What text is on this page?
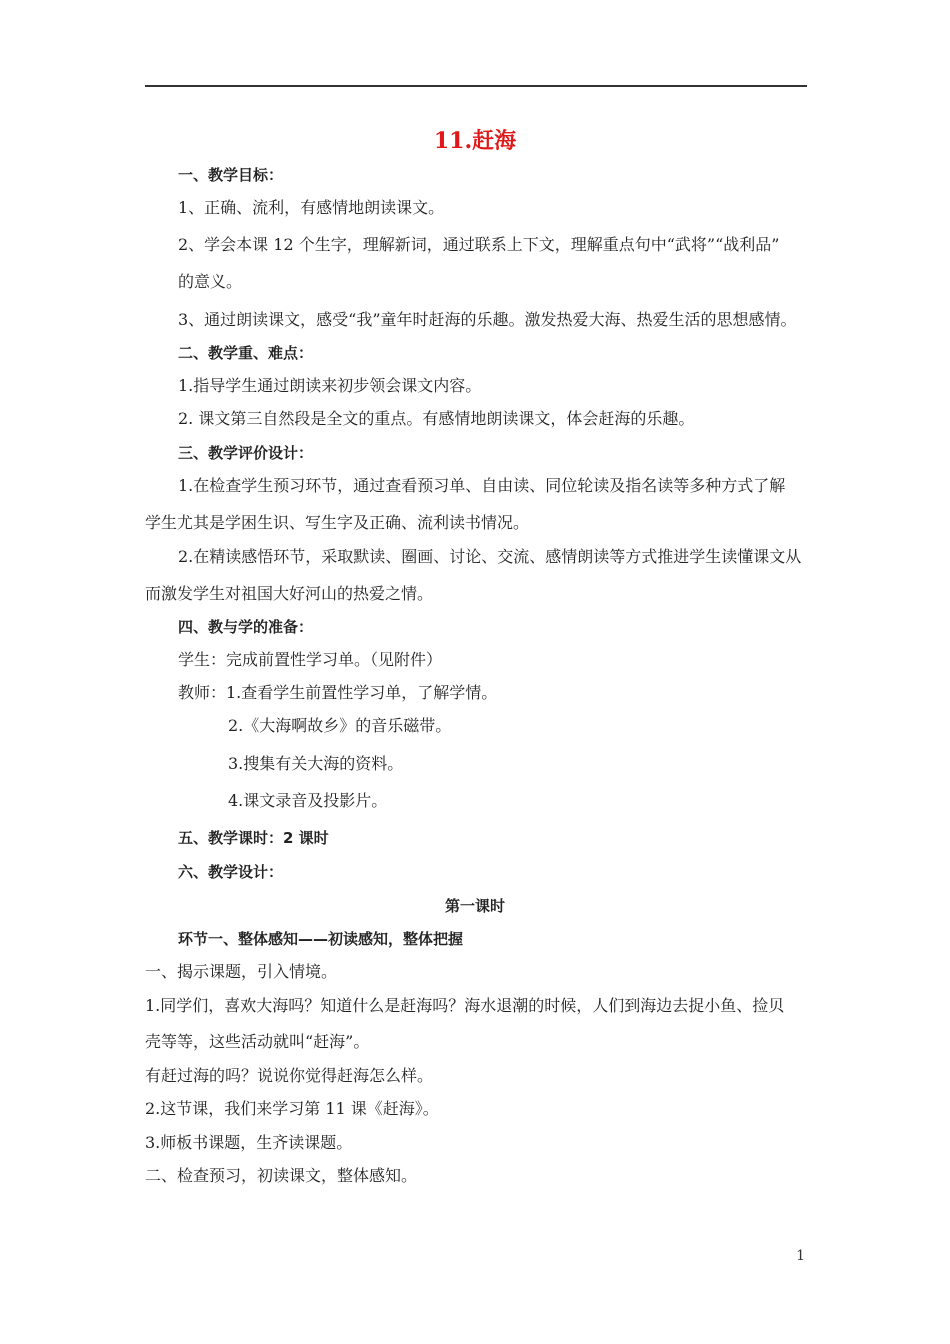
11.赶海
一、教学目标：
1、正确、流利，有感情地朗读课文。
2、学会本课 12 个生字，理解新词，通过联系上下文，理解重点句中“武将”“战利品”
的意义。
3、通过朗读课文，感受“我”童年时赶海的乐趣。激发热爱大海、热爱生活的思想感情。
二、教学重、难点：
1.指导学生通过朗读来初步领会课文内容。
2. 课文第三自然段是全文的重点。有感情地朗读课文，体会赶海的乐趣。
三、教学评价设计：
1.在检查学生预习环节，通过查看预习单、自由读、同位轮读及指名读等多种方式了解
学生尤其是学困生识、写生字及正确、流利读书情况。
2.在精读感悟环节，采取默读、圈画、讨论、交流、感情朗读等方式推进学生读懂课文从
而激发学生对祖国大好河山的热爱之情。
四、教与学的准备：
学生：完成前置性学习单。（见附件）
教师：1.查看学生前置性学习单，了解学情。
2.《大海啊故乡》的音乐磁带。
3.搜集有关大海的资料。
4.课文录音及投影片。
五、教学课时：2 课时
六、教学设计：
第一课时
环节一、整体感知——初读感知，整体把握
一、揭示课题，引入情境。
1.同学们，喜欢大海吗？知道什么是赶海吗？海水退潮的时候，人们到海边去捉小鱼、捡贝
壳等等，这些活动就叫“赶海”。
有赶过海的吗？说说你觉得赶海怎么样。
2.这节课，我们来学习第 11 课《赶海》。
3.师板书课题，生齐读课题。
二、检查预习，初读课文，整体感知。
1
